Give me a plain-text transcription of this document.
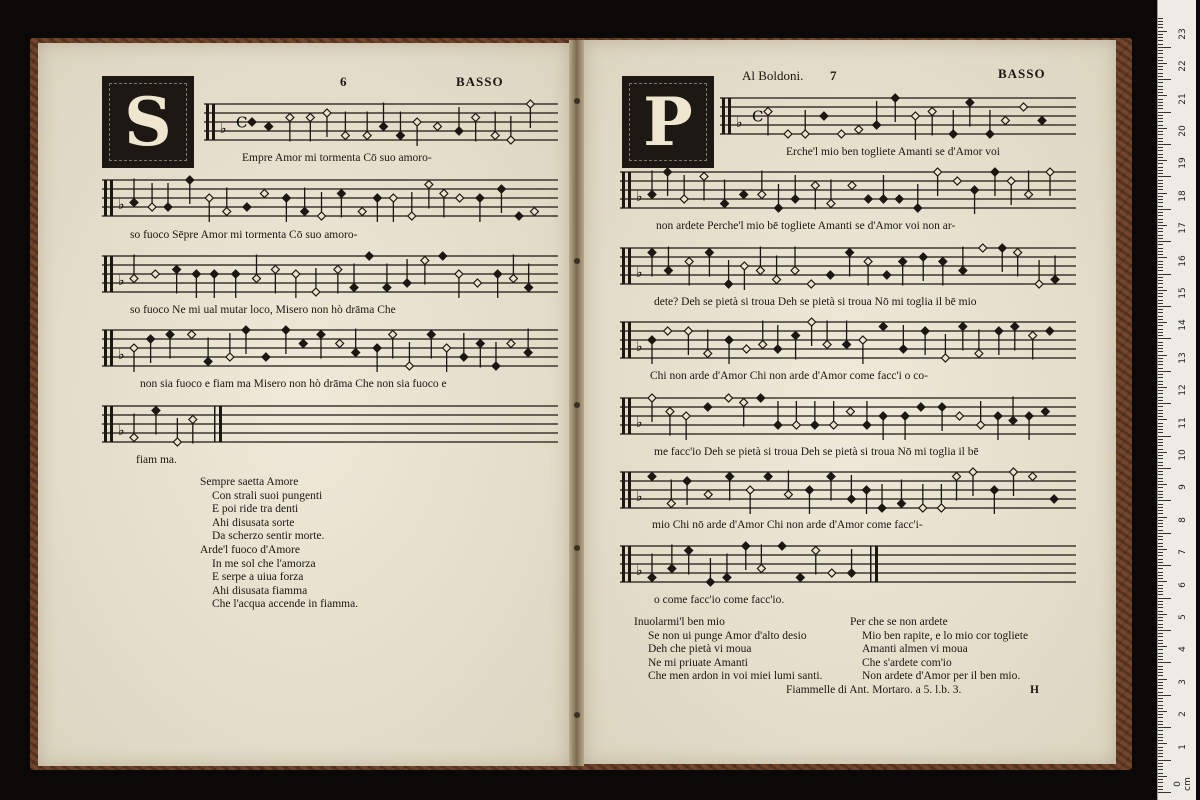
6	BASSO
S	♭ C
Empre Amor mi tormenta Cō suo amoro-
♭
so fuoco Sēpre Amor mi tormenta Cō suo amoro-
♭
so fuoco Ne mi ual mutar loco, Misero non hò drāma Che
♭
non sia fuoco e fiam ma Misero non hò drāma Che non sia fuoco e
♭
fiam ma.
Sempre saetta Amore
Con strali suoi pungenti
E poi ride tra denti
Ahi disusata sorte
Da scherzo sentir morte.
Arde'l fuoco d'Amore
In me sol che l'amorza
E serpe a uiua forza
Ahi disusata fiamma
Che l'acqua accende in fiamma.
Al Boldoni. 7	BASSO
P	♭ C
Erche'l mio ben togliete Amanti se d'Amor voi
♭
non ardete Perche'l mio bē togliete Amanti se d'Amor voi non ar-
♭
dete? Deh se pietà si troua Deh se pietà si troua Nō mi toglia il bē mio
♭
Chi non arde d'Amor Chi non arde d'Amor come facc'i o co-
♭
me facc'io Deh se pietà si troua Deh se pietà si troua Nō mi toglia il bē
♭
mio Chi nō arde d'Amor Chi non arde d'Amor come facc'i-
♭
o come facc'io come facc'io.
Inuolarmi'l ben mio
Se non ui punge Amor d'alto desio
Deh che pietà vi moua
Ne mi priuate Amanti
Che men ardon in voi miei lumi santi.
Per che se non ardete
Mio ben rapite, e lo mio cor togliete
Amanti almen vi moua
Che s'ardete com'io
Non ardete d'Amor per il ben mio.
Fiammelle di Ant. Mortaro. a 5. l.b. 3.	H
0 cm
1
2
3
4
5
6
7
8
9
10
11
12
13
14
15
16
17
18
19
20
21
22
23
